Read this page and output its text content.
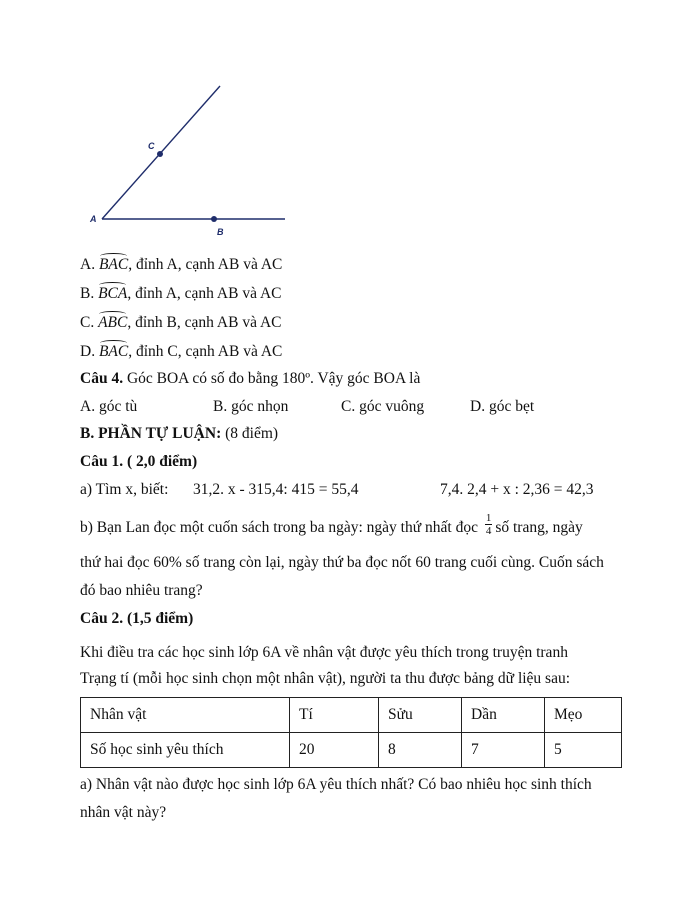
C
A
B
A. BAC, đỉnh A, cạnh AB và AC
B. BCA, đỉnh A, cạnh AB và AC
C. ABC, đỉnh B, cạnh AB và AC
D. BAC, đỉnh C, cạnh AB và AC
Câu 4. Góc BOA có số đo bằng 180º. Vậy góc BOA là
A. góc tù	B. góc nhọn	C. góc vuông	D. góc bẹt
B. PHẦN TỰ LUẬN: (8 điểm)
Câu 1. ( 2,0 điểm)
a) Tìm x, biết: 31,2. x - 315,4: 415 = 55,4	7,4. 2,4 + x : 2,36 = 42,3
b) Bạn Lan đọc một cuốn sách trong ba ngày: ngày thứ nhất đọc $\frac{1}{4}$ số trang, ngày
thứ hai đọc 60% số trang còn lại, ngày thứ ba đọc nốt 60 trang cuối cùng. Cuốn sách
đó bao nhiêu trang?
Câu 2. (1,5 điểm)
Khi điều tra các học sinh lớp 6A về nhân vật được yêu thích trong truyện tranh
Trạng tí (mỗi học sinh chọn một nhân vật), người ta thu được bảng dữ liệu sau:
Nhân vật	Tí	Sửu	Dần	Mẹo
Số học sinh yêu thích	20	8	7	5
a) Nhân vật nào được học sinh lớp 6A yêu thích nhất? Có bao nhiêu học sinh thích
nhân vật này?
